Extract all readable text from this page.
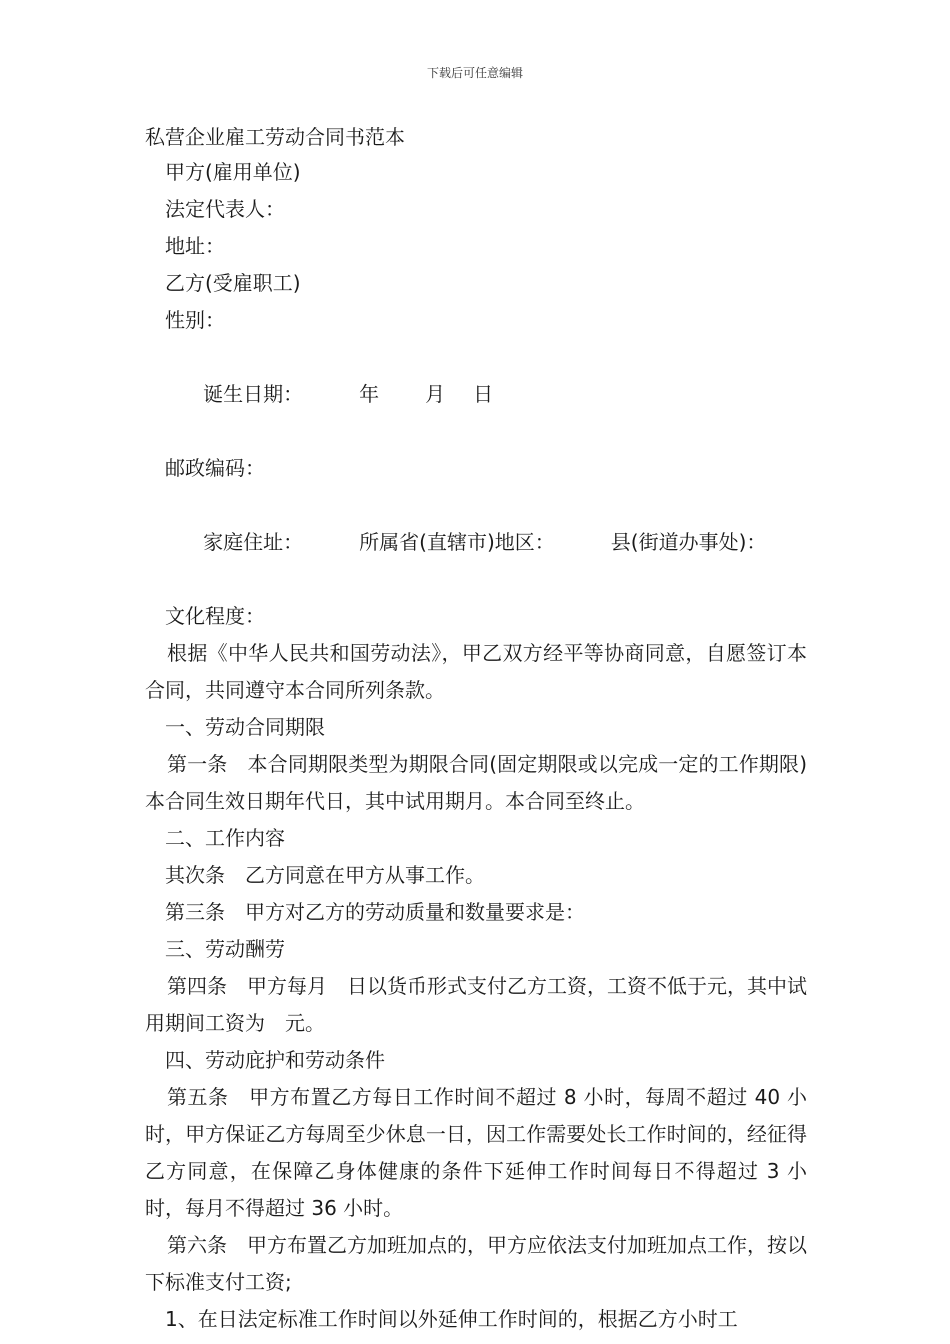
下载后可任意编辑
私营企业雇工劳动合同书范本
甲方(雇用单位)
法定代表人：
地址：
乙方(受雇职工)
性别：

诞生日期：	年 月 日

邮政编码：

家庭住址：	所属省(直辖市)地区：	县(街道办事处)：

文化程度：

根据《中华人民共和国劳动法》，甲乙双方经平等协商同意，自愿签订本合同，共同遵守本合同所列条款。

一、劳动合同期限

第一条　本合同期限类型为期限合同(固定期限或以完成一定的工作期限)本合同生效日期年代日，其中试用期月。本合同至终止。

二、工作内容
其次条　乙方同意在甲方从事工作。
第三条　甲方对乙方的劳动质量和数量要求是：
三、劳动酬劳

第四条　甲方每月　日以货币形式支付乙方工资，工资不低于元，其中试用期间工资为　元。

四、劳动庇护和劳动条件

第五条　甲方布置乙方每日工作时间不超过 8 小时，每周不超过 40 小时，甲方保证乙方每周至少休息一日，因工作需要处长工作时间的，经征得乙方同意，在保障乙身体健康的条件下延伸工作时间每日不得超过 3 小时，每月不得超过 36 小时。

第六条　甲方布置乙方加班加点的，甲方应依法支付加班加点工作，按以下标准支付工资;

1、在日法定标准工作时间以外延伸工作时间的，根据乙方小时工
